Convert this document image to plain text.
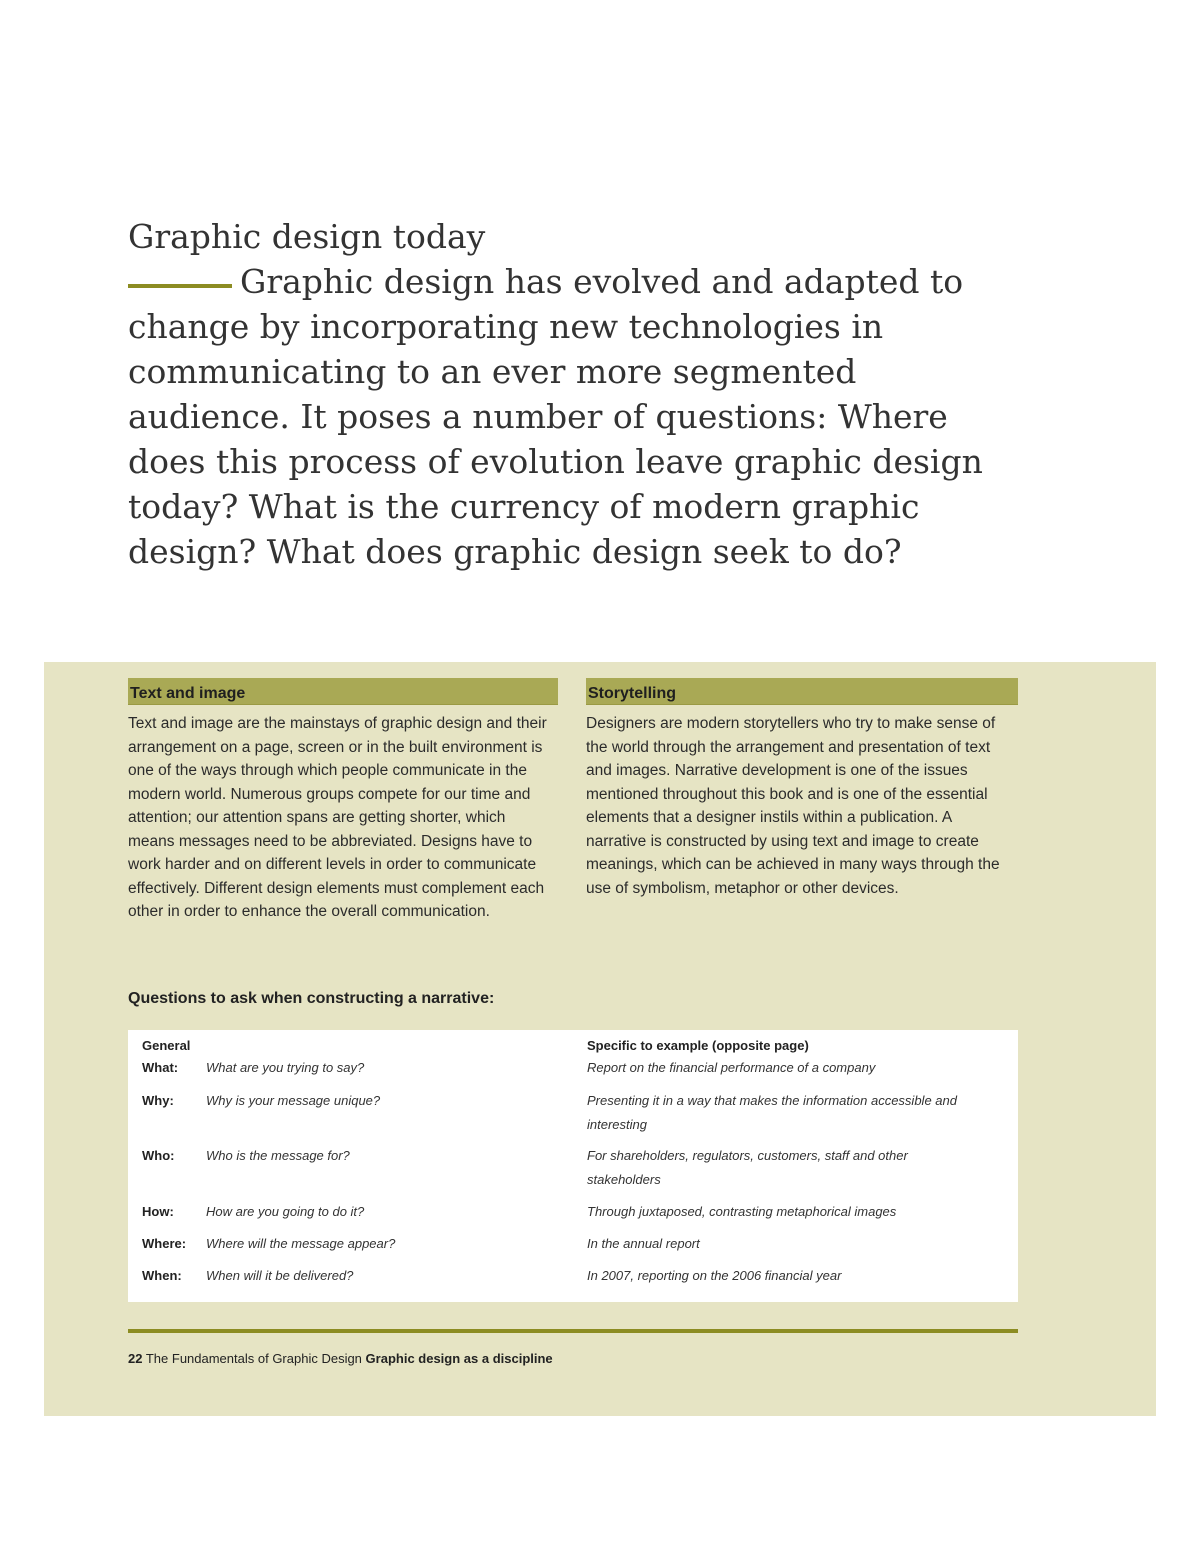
Graphic design today

Graphic design has evolved and adapted to change by incorporating new technologies in communicating to an ever more segmented audience. It poses a number of questions: Where does this process of evolution leave graphic design today? What is the currency of modern graphic design? What does graphic design seek to do?

Text and image

Text and image are the mainstays of graphic design and their arrangement on a page, screen or in the built environment is one of the ways through which people communicate in the modern world. Numerous groups compete for our time and attention; our attention spans are getting shorter, which means messages need to be abbreviated. Designs have to work harder and on different levels in order to communicate effectively. Different design elements must complement each other in order to enhance the overall communication.

Storytelling

Designers are modern storytellers who try to make sense of the world through the arrangement and presentation of text and images. Narrative development is one of the issues mentioned throughout this book and is one of the essential elements that a designer instils within a publication. A narrative is constructed by using text and image to create meanings, which can be achieved in many ways through the use of symbolism, metaphor or other devices.

Questions to ask when constructing a narrative:

General	Specific to example (opposite page)
What: What are you trying to say?	Report on the financial performance of a company
Why: Why is your message unique?	Presenting it in a way that makes the information accessible and interesting
Who: Who is the message for?	For shareholders, regulators, customers, staff and other stakeholders
How: How are you going to do it?	Through juxtaposed, contrasting metaphorical images
Where: Where will the message appear?	In the annual report
When: When will it be delivered?	In 2007, reporting on the 2006 financial year
22 The Fundamentals of Graphic Design Graphic design as a discipline
